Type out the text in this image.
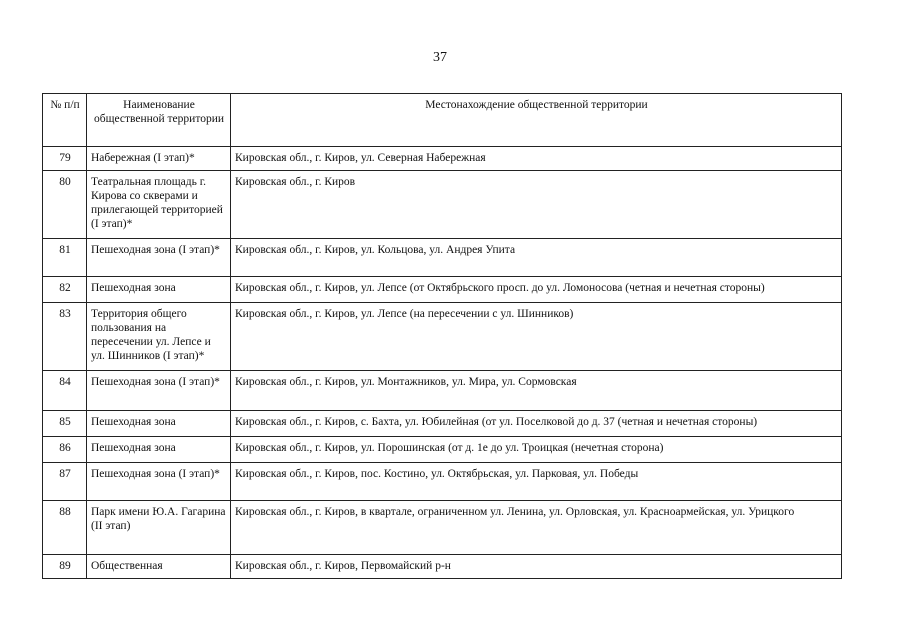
37
№ п/п	Наименование общественной территории	Местонахождение общественной территории
79	Набережная (I этап)*	Кировская обл., г. Киров, ул. Северная Набережная
80	Театральная площадь г. Кирова со скверами и прилегающей территорией (I этап)*	Кировская обл., г. Киров
81	Пешеходная зона (I этап)*	Кировская обл., г. Киров, ул. Кольцова, ул. Андрея Упита
82	Пешеходная зона	Кировская обл., г. Киров, ул. Лепсе (от Октябрьского просп. до ул. Ломоносова (четная и нечетная стороны)
83	Территория общего пользования на пересечении ул. Лепсе и ул. Шинников (I этап)*	Кировская обл., г. Киров, ул. Лепсе (на пересечении с ул. Шинников)
84	Пешеходная зона (I этап)*	Кировская обл., г. Киров, ул. Монтажников, ул. Мира, ул. Сормовская
85	Пешеходная зона	Кировская обл., г. Киров, с. Бахта, ул. Юбилейная (от ул. Поселковой до д. 37 (четная и нечетная стороны)
86	Пешеходная зона	Кировская обл., г. Киров, ул. Порошинская (от д. 1е до ул. Троицкая (нечетная сторона)
87	Пешеходная зона (I этап)*	Кировская обл., г. Киров, пос. Костино, ул. Октябрьская, ул. Парковая, ул. Победы
88	Парк имени Ю.А. Гагарина (II этап)	Кировская обл., г. Киров, в квартале, ограниченном ул. Ленина, ул. Орловская, ул. Красноармейская, ул. Урицкого
89	Общественная	Кировская обл., г. Киров, Первомайский р-н
